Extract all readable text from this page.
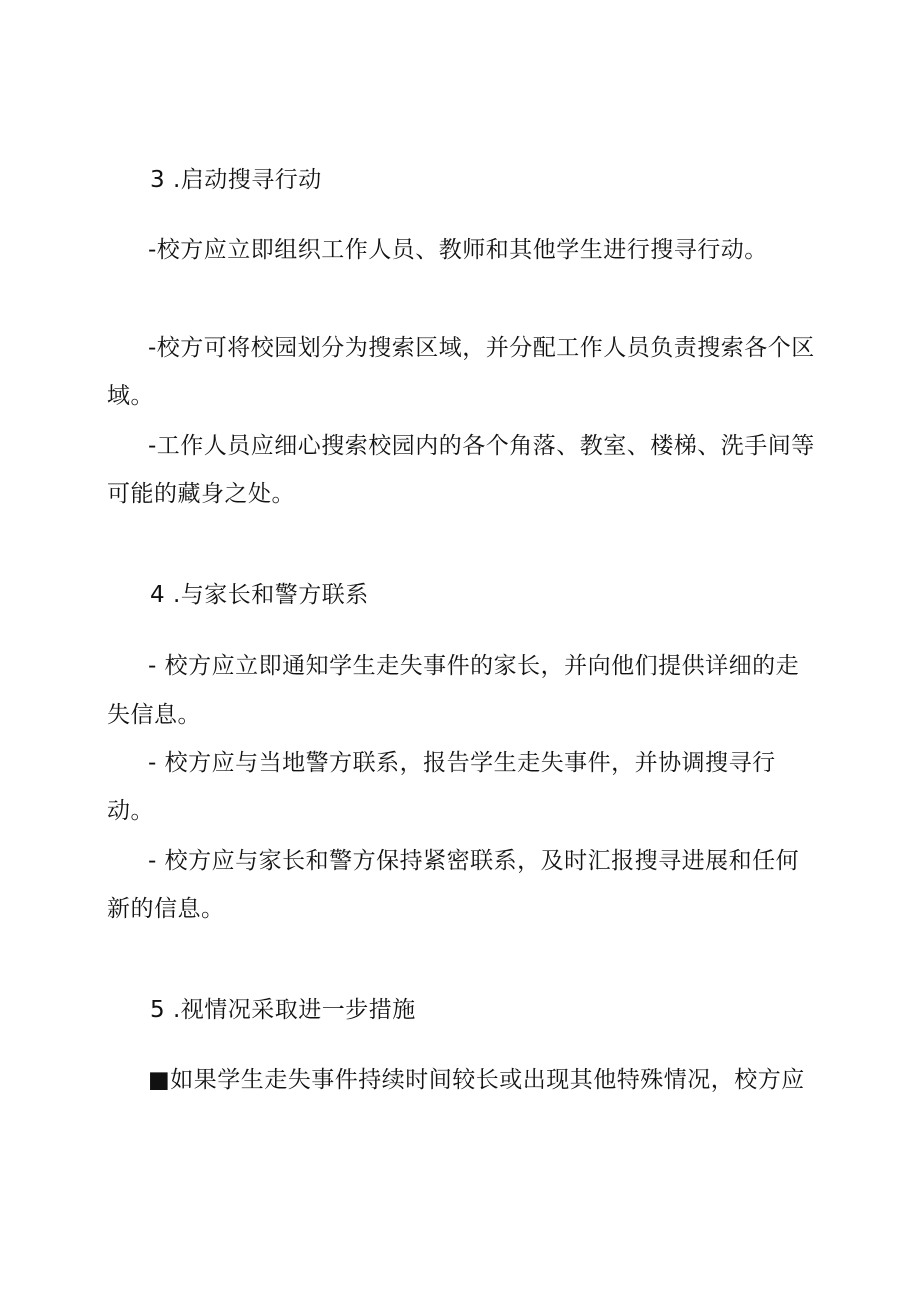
3 .启动搜寻行动
-校方应立即组织工作人员、教师和其他学生进行搜寻行动。
-校方可将校园划分为搜索区域，并分配工作人员负责搜索各个区
域。
-工作人员应细心搜索校园内的各个角落、教室、楼梯、洗手间等
可能的藏身之处。
4 .与家长和警方联系
- 校方应立即通知学生走失事件的家长，并向他们提供详细的走
失信息。
- 校方应与当地警方联系，报告学生走失事件，并协调搜寻行
动。
- 校方应与家长和警方保持紧密联系，及时汇报搜寻进展和任何
新的信息。
5 .视情况采取进一步措施
■如果学生走失事件持续时间较长或出现其他特殊情况，校方应
